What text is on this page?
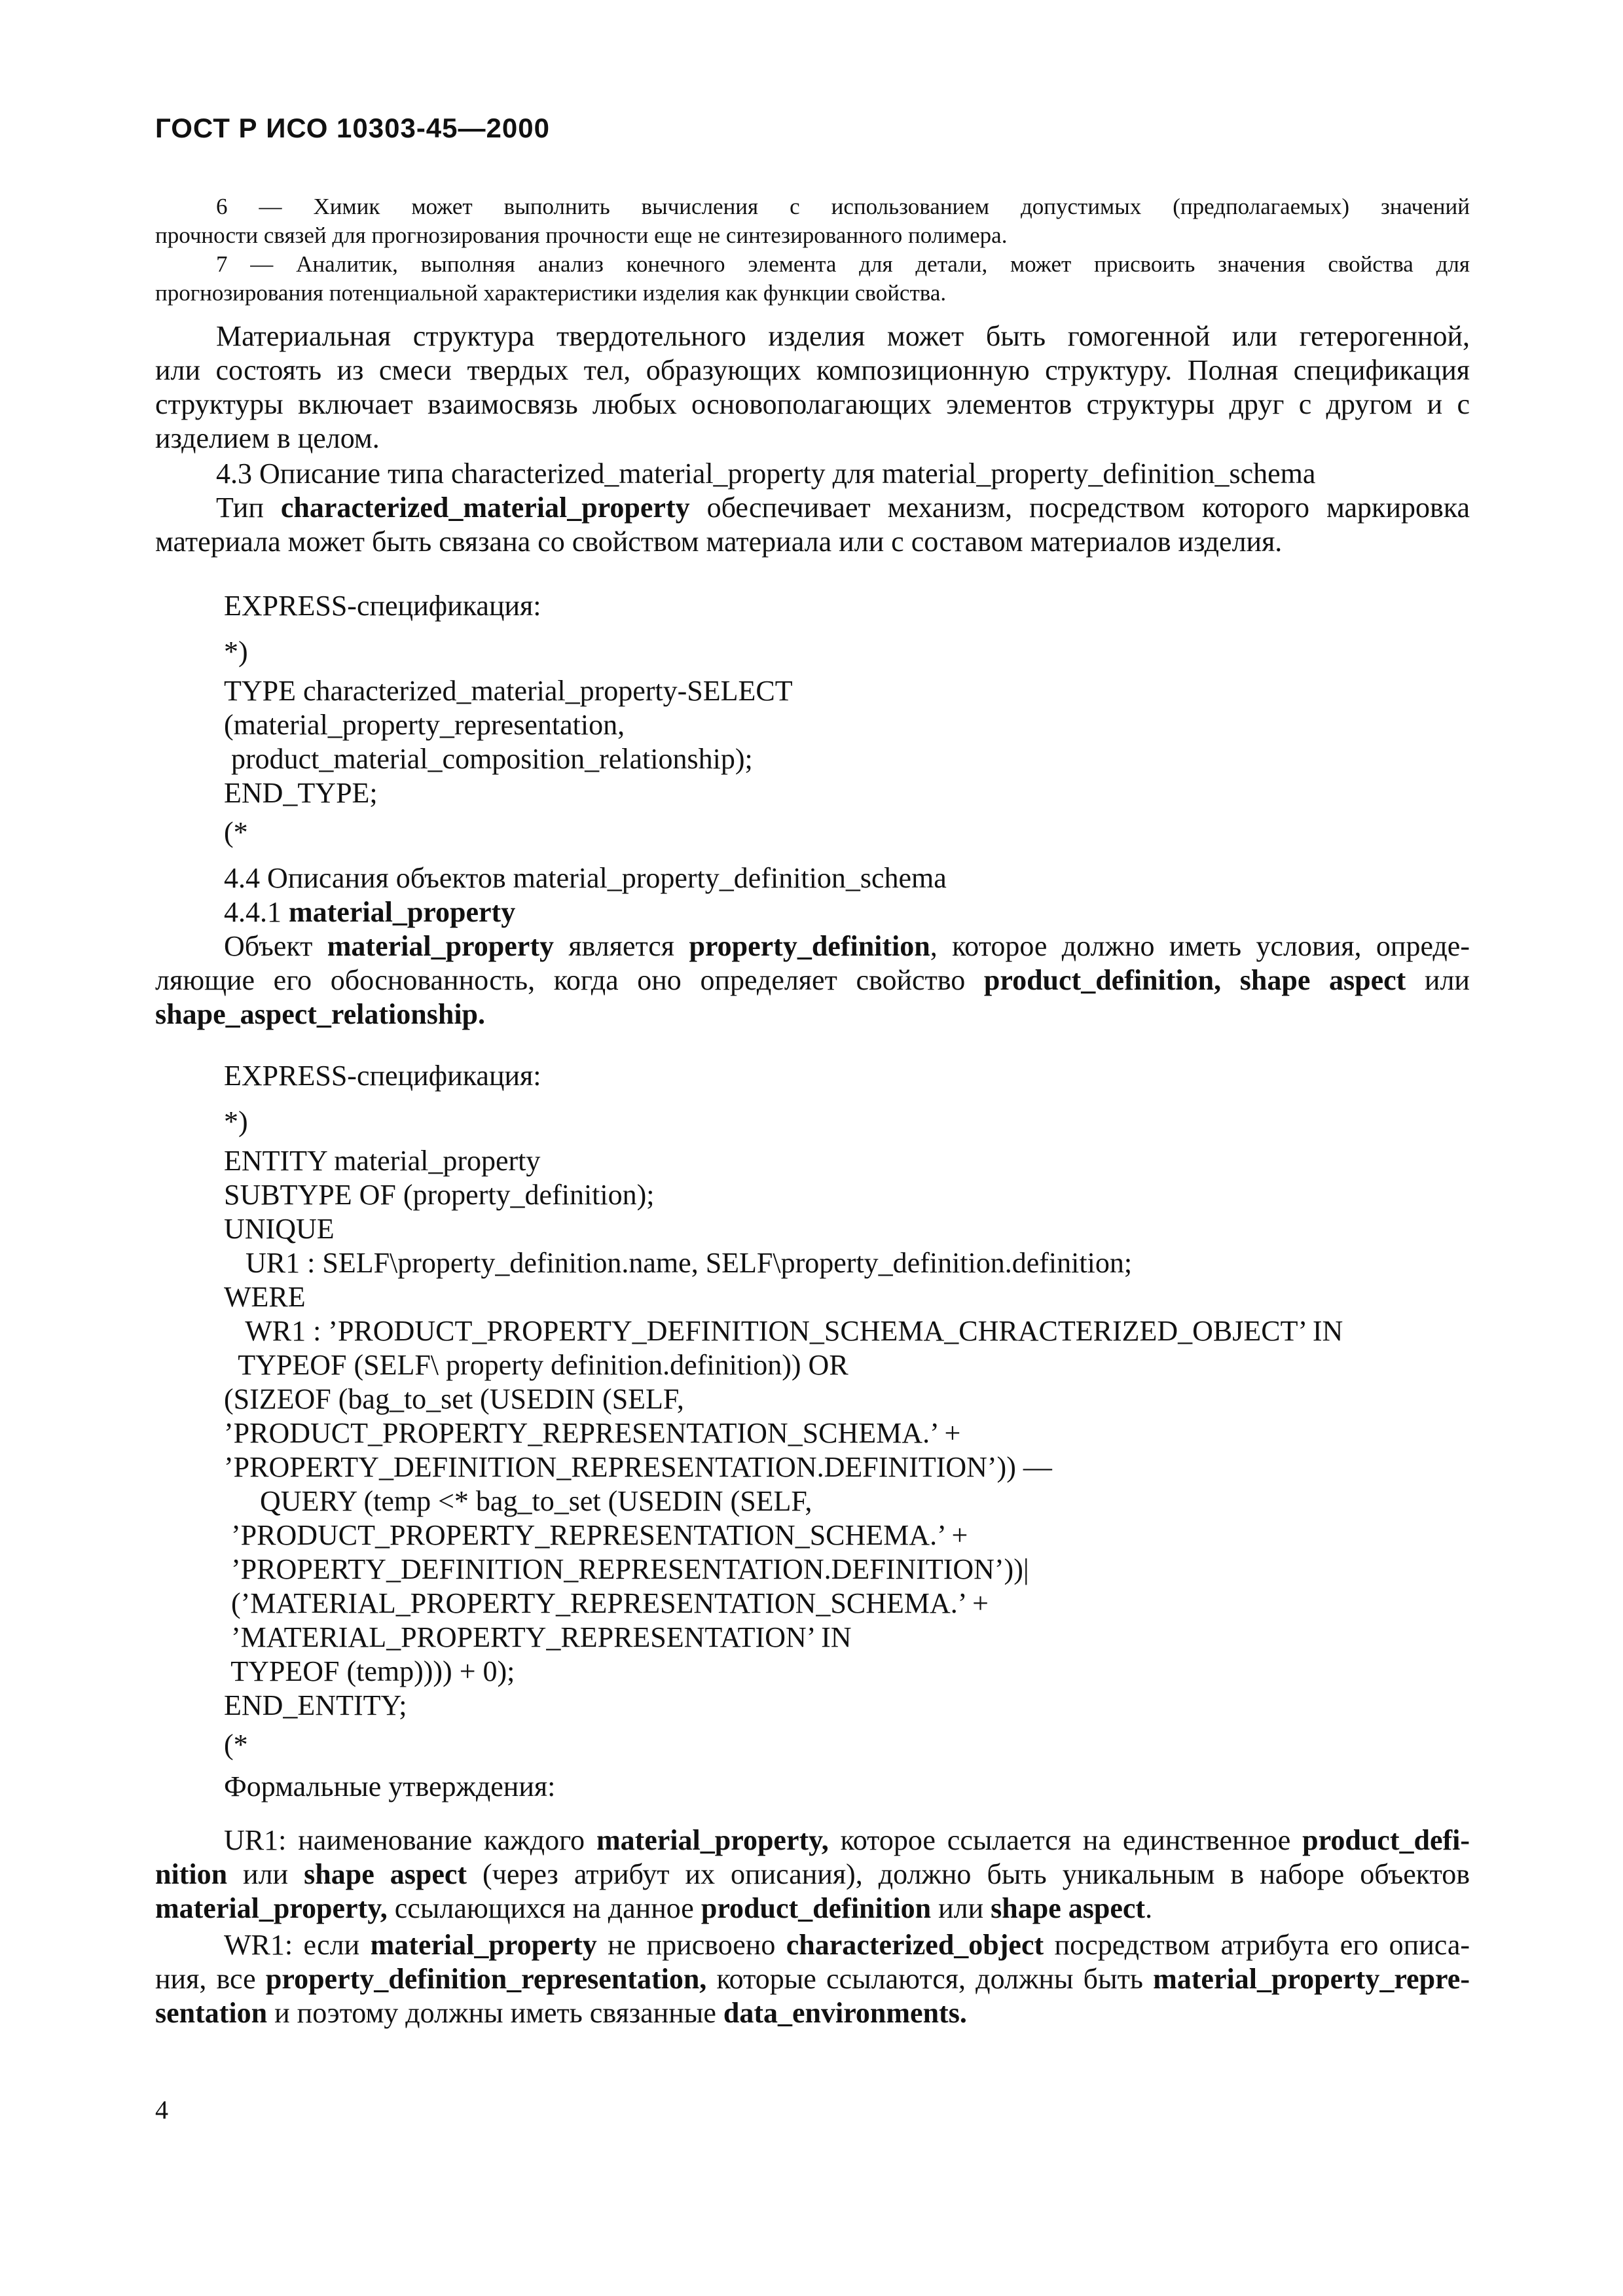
ГОСТ Р ИСО 10303-45—2000
6 — Химик может выполнить вычисления с использованием допустимых (предполагаемых) значений
прочности связей для прогнозирования прочности еще не синтезированного полимера.
7 — Аналитик, выполняя анализ конечного элемента для детали, может присвоить значения свойства для
прогнозирования потенциальной характеристики изделия как функции свойства.
Материальная структура твердотельного изделия может быть гомогенной или гетерогенной,
или состоять из смеси твердых тел, образующих композиционную структуру. Полная спецификация
структуры включает взаимосвязь любых основополагающих элементов структуры друг с другом и с
изделием в целом.
4.3 Описание типа characterized_material_property для material_property_definition_schema
Тип characterized_material_property обеспечивает механизм, посредством которого маркировка
материала может быть связана со свойством материала или с составом материалов изделия.
EXPRESS-спецификация:
*)
TYPE characterized_material_property-SELECT
(material_property_representation,
product_material_composition_relationship);
END_TYPE;
(*
4.4 Описания объектов material_property_definition_schema
4.4.1 material_property
Объект material_property является property_definition, которое должно иметь условия, опреде-
ляющие его обоснованность, когда оно определяет свойство product_definition, shape aspect или
shape_aspect_relationship.
EXPRESS-спецификация:
*)
ENTITY material_property
SUBTYPE OF (property_definition);
UNIQUE
UR1 : SELF\property_definition.name, SELF\property_definition.definition;
WERE
WR1 : ’PRODUCT_PROPERTY_DEFINITION_SCHEMA_CHRACTERIZED_OBJECT’ IN
TYPEOF (SELF\ property definition.definition)) OR
(SIZEOF (bag_to_set (USEDIN (SELF,
’PRODUCT_PROPERTY_REPRESENTATION_SCHEMA.’ +
’PROPERTY_DEFINITION_REPRESENTATION.DEFINITION’)) —
QUERY (temp <* bag_to_set (USEDIN (SELF,
’PRODUCT_PROPERTY_REPRESENTATION_SCHEMA.’ +
’PROPERTY_DEFINITION_REPRESENTATION.DEFINITION’))|
(’MATERIAL_PROPERTY_REPRESENTATION_SCHEMA.’ +
’MATERIAL_PROPERTY_REPRESENTATION’ IN
TYPEOF (temp)))) + 0);
END_ENTITY;
(*
Формальные утверждения:
UR1: наименование каждого material_property, которое ссылается на единственное product_defi-
nition или shape aspect (через атрибут их описания), должно быть уникальным в наборе объектов
material_property, ссылающихся на данное product_definition или shape aspect.
WR1: если material_property не присвоено characterized_object посредством атрибута его описа-
ния, все property_definition_representation, которые ссылаются, должны быть material_property_repre-
sentation и поэтому должны иметь связанные data_environments.
4
